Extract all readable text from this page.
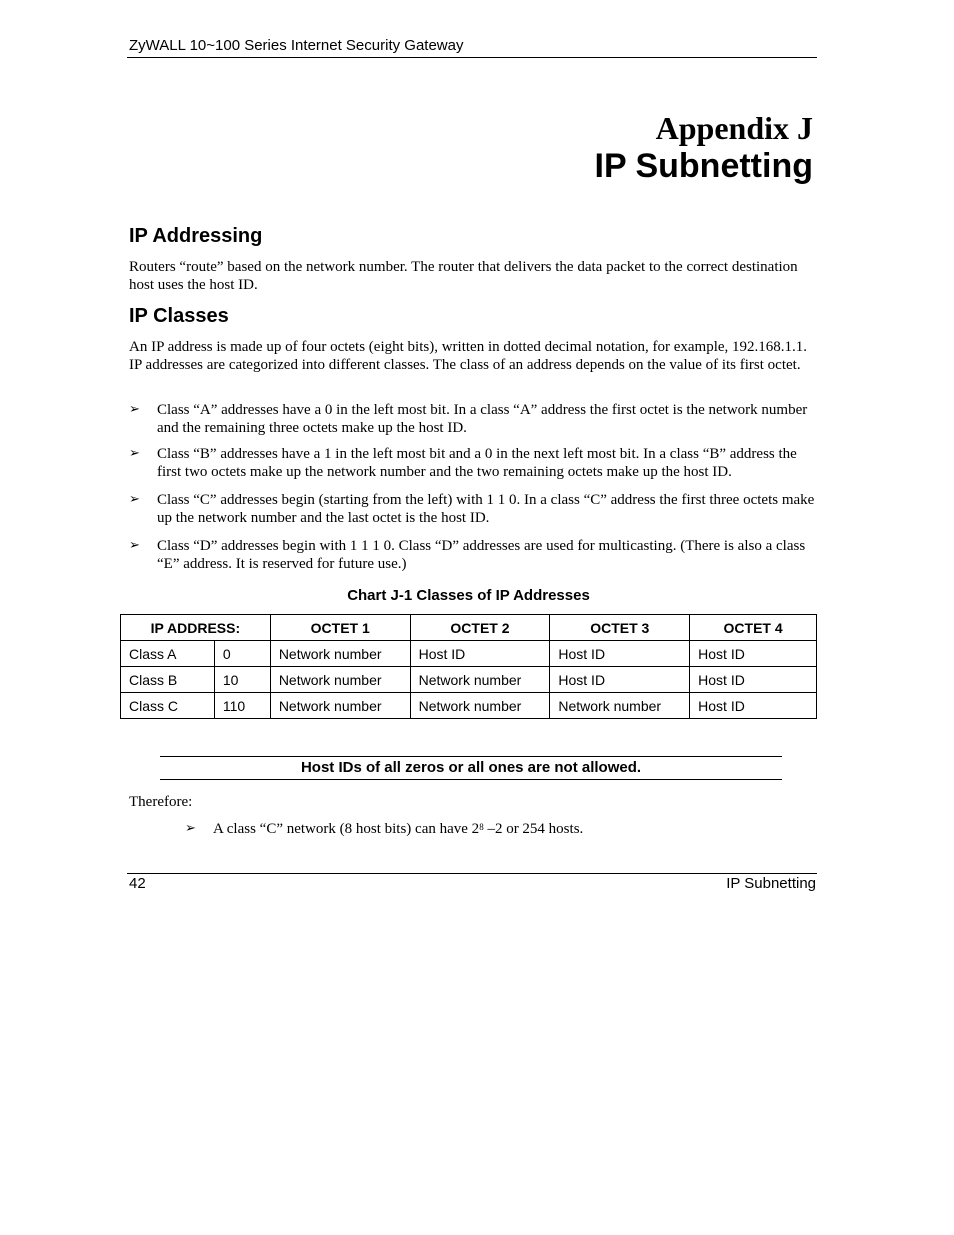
ZyWALL 10~100 Series Internet Security Gateway
Appendix J
IP Subnetting
IP Addressing
Routers “route” based on the network number. The router that delivers the data packet to the correct destination host uses the host ID.
IP Classes
An IP address is made up of four octets (eight bits), written in dotted decimal notation, for example, 192.168.1.1. IP addresses are categorized into different classes. The class of an address depends on the value of its first octet.
➢ Class “A” addresses have a 0 in the left most bit. In a class “A” address the first octet is the network number and the remaining three octets make up the host ID.
➢ Class “B” addresses have a 1 in the left most bit and a 0 in the next left most bit. In a class “B” address the first two octets make up the network number and the two remaining octets make up the host ID.
➢ Class “C” addresses begin (starting from the left) with 1 1 0. In a class “C” address the first three octets make up the network number and the last octet is the host ID.
➢ Class “D” addresses begin with 1 1 1 0. Class “D” addresses are used for multicasting. (There is also a class “E” address. It is reserved for future use.)
Chart J-1 Classes of IP Addresses
IP ADDRESS:		OCTET 1	OCTET 2	OCTET 3	OCTET 4
Class A	0	Network number	Host ID	Host ID	Host ID
Class B	10	Network number	Network number	Host ID	Host ID
Class C	110	Network number	Network number	Network number	Host ID
Host IDs of all zeros or all ones are not allowed.
Therefore:
➢ A class “C” network (8 host bits) can have $2^8$ –2 or 254 hosts.
42	IP Subnetting
